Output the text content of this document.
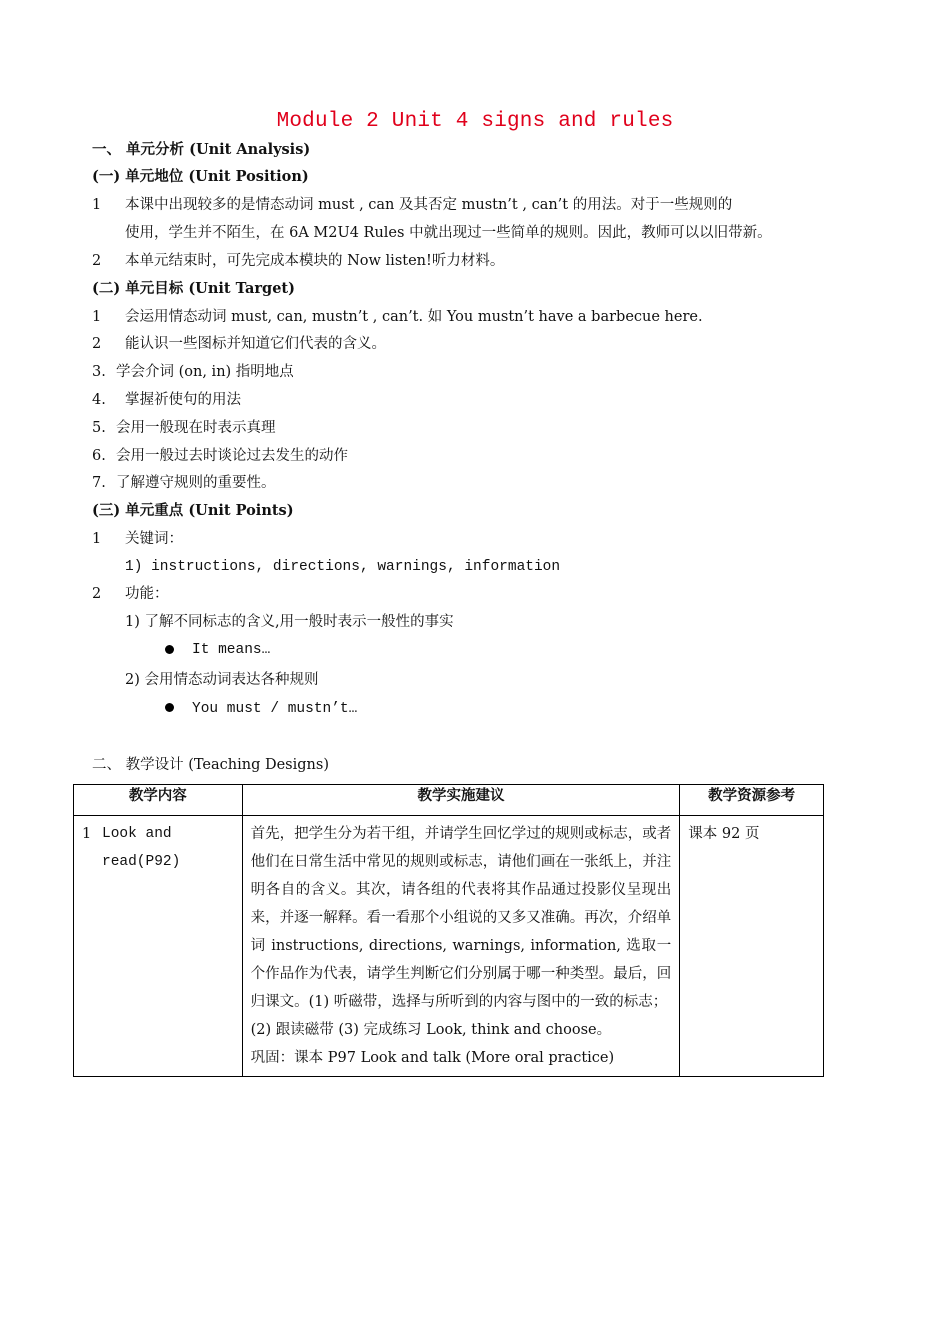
Module 2 Unit 4 signs and rules
一、 单元分析 (Unit Analysis)
(一) 单元地位 (Unit Position)
1 本课中出现较多的是情态动词 must , can 及其否定 mustn’t , can’t 的用法。对于一些规则的
使用，学生并不陌生，在 6A M2U4 Rules 中就出现过一些简单的规则。因此，教师可以以旧带新。
2 本单元结束时，可先完成本模块的 Now listen!听力材料。
(二) 单元目标 (Unit Target)
1 会运用情态动词 must, can, mustn’t , can’t. 如 You mustn’t have a barbecue here.
2 能认识一些图标并知道它们代表的含义。
3. 学会介词 (on, in) 指明地点
4. 掌握祈使句的用法
5. 会用一般现在时表示真理
6. 会用一般过去时谈论过去发生的动作
7. 了解遵守规则的重要性。
(三) 单元重点 (Unit Points)
1 关键词：
1) instructions, directions, warnings, information
2 功能：
1) 了解不同标志的含义,用一般时表示一般性的事实
It means…
2) 会用情态动词表达各种规则
You must / mustn’t…
二、 教学设计 (Teaching Designs)
教学内容	教学实施建议	教学资源参考
1 Look and read(P92)	首先，把学生分为若干组，并请学生回忆学过的规则或标志，或者他们在日常生活中常见的规则或标志，请他们画在一张纸上，并注明各自的含义。其次，请各组的代表将其作品通过投影仪呈现出来，并逐一解释。看一看那个小组说的又多又准确。再次，介绍单词 instructions, directions, warnings, information, 选取一个作品作为代表，请学生判断它们分别属于哪一种类型。最后，回归课文。(1) 听磁带，选择与所听到的内容与图中的一致的标志；
(2) 跟读磁带 (3) 完成练习 Look, think and choose。
巩固：课本 P97 Look and talk (More oral practice)	课本 92 页
